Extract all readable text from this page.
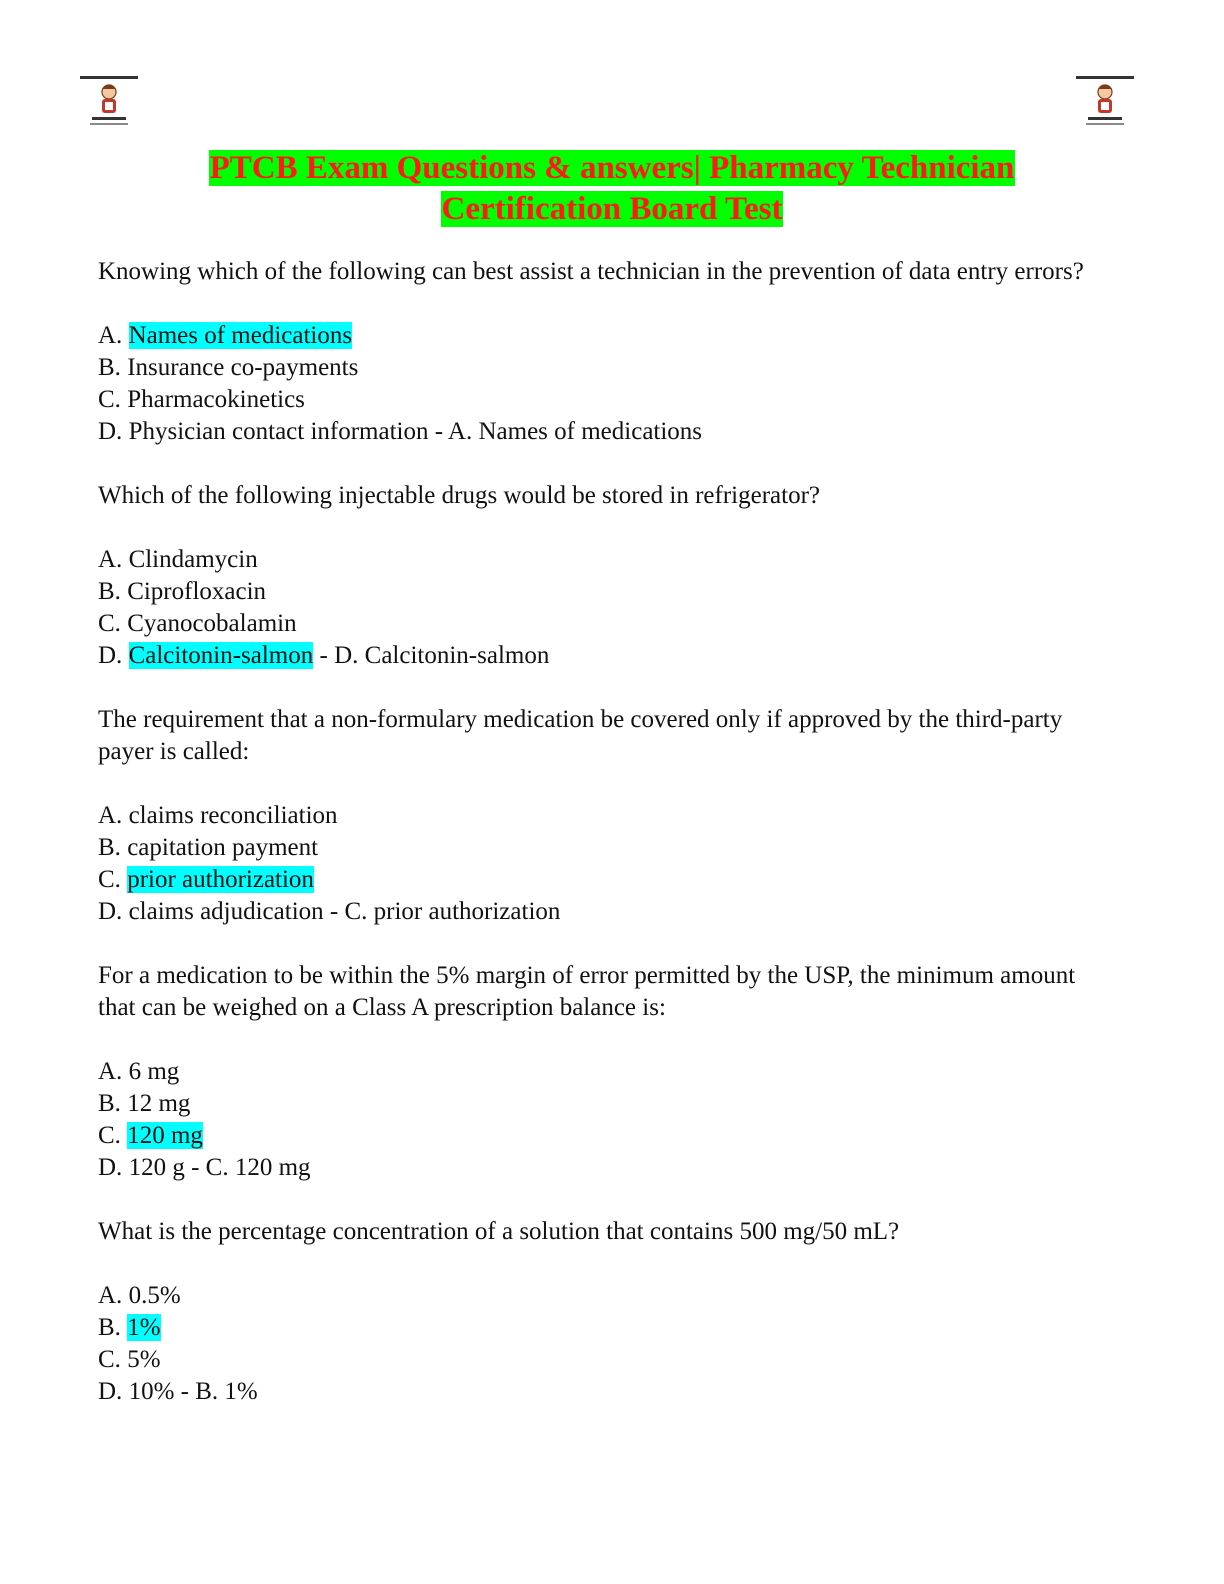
PTCB Exam Questions & answers| Pharmacy Technician
Certification Board Test
Knowing which of the following can best assist a technician in the prevention of data entry errors?
A. Names of medications
B. Insurance co-payments
C. Pharmacokinetics
D. Physician contact information - A. Names of medications
Which of the following injectable drugs would be stored in refrigerator?
A. Clindamycin
B. Ciprofloxacin
C. Cyanocobalamin
D. Calcitonin-salmon - D. Calcitonin-salmon
The requirement that a non-formulary medication be covered only if approved by the third-party payer is called:
A. claims reconciliation
B. capitation payment
C. prior authorization
D. claims adjudication - C. prior authorization
For a medication to be within the 5% margin of error permitted by the USP, the minimum amount that can be weighed on a Class A prescription balance is:
A. 6 mg
B. 12 mg
C. 120 mg
D. 120 g - C. 120 mg
What is the percentage concentration of a solution that contains 500 mg/50 mL?
A. 0.5%
B. 1%
C. 5%
D. 10% - B. 1%
